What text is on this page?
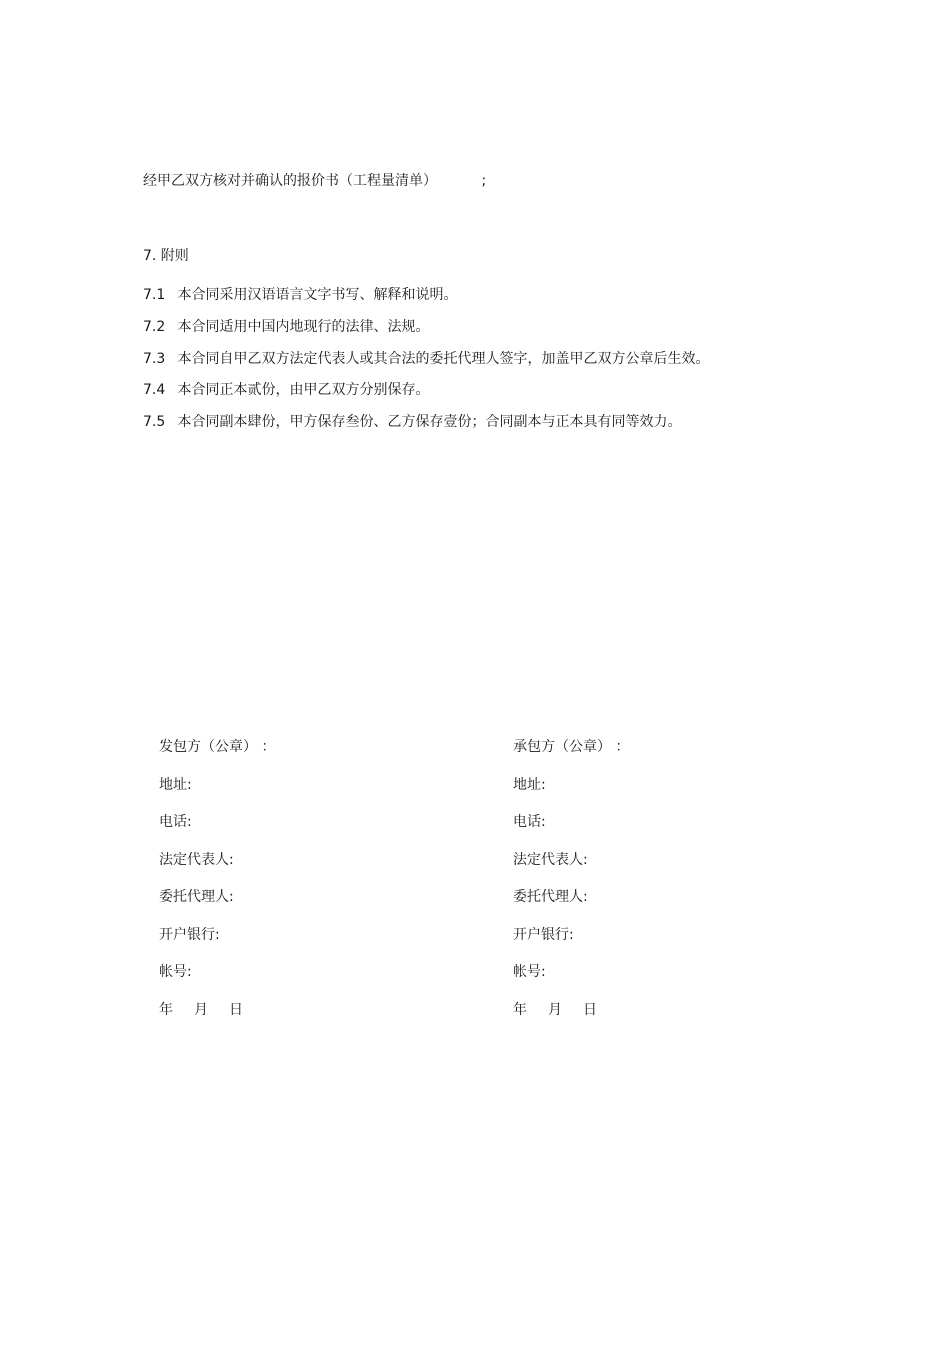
经甲乙双方核对并确认的报价书（工程量清单）	;
7. 附则
7.1 本合同采用汉语语言文字书写、解释和说明。
7.2 本合同适用中国内地现行的法律、法规。
7.3 本合同自甲乙双方法定代表人或其合法的委托代理人签字，加盖甲乙双方公章后生效。
7.4 本合同正本贰份，由甲乙双方分别保存。
7.5 本合同副本肆份，甲方保存叁份、乙方保存壹份；合同副本与正本具有同等效力。
发包方（公章） ：
地址:
电话:
法定代表人:
委托代理人:
开户银行:
帐号:
年 月 日
承包方（公章） ：
地址:
电话:
法定代表人:
委托代理人:
开户银行:
帐号:
年 月 日
